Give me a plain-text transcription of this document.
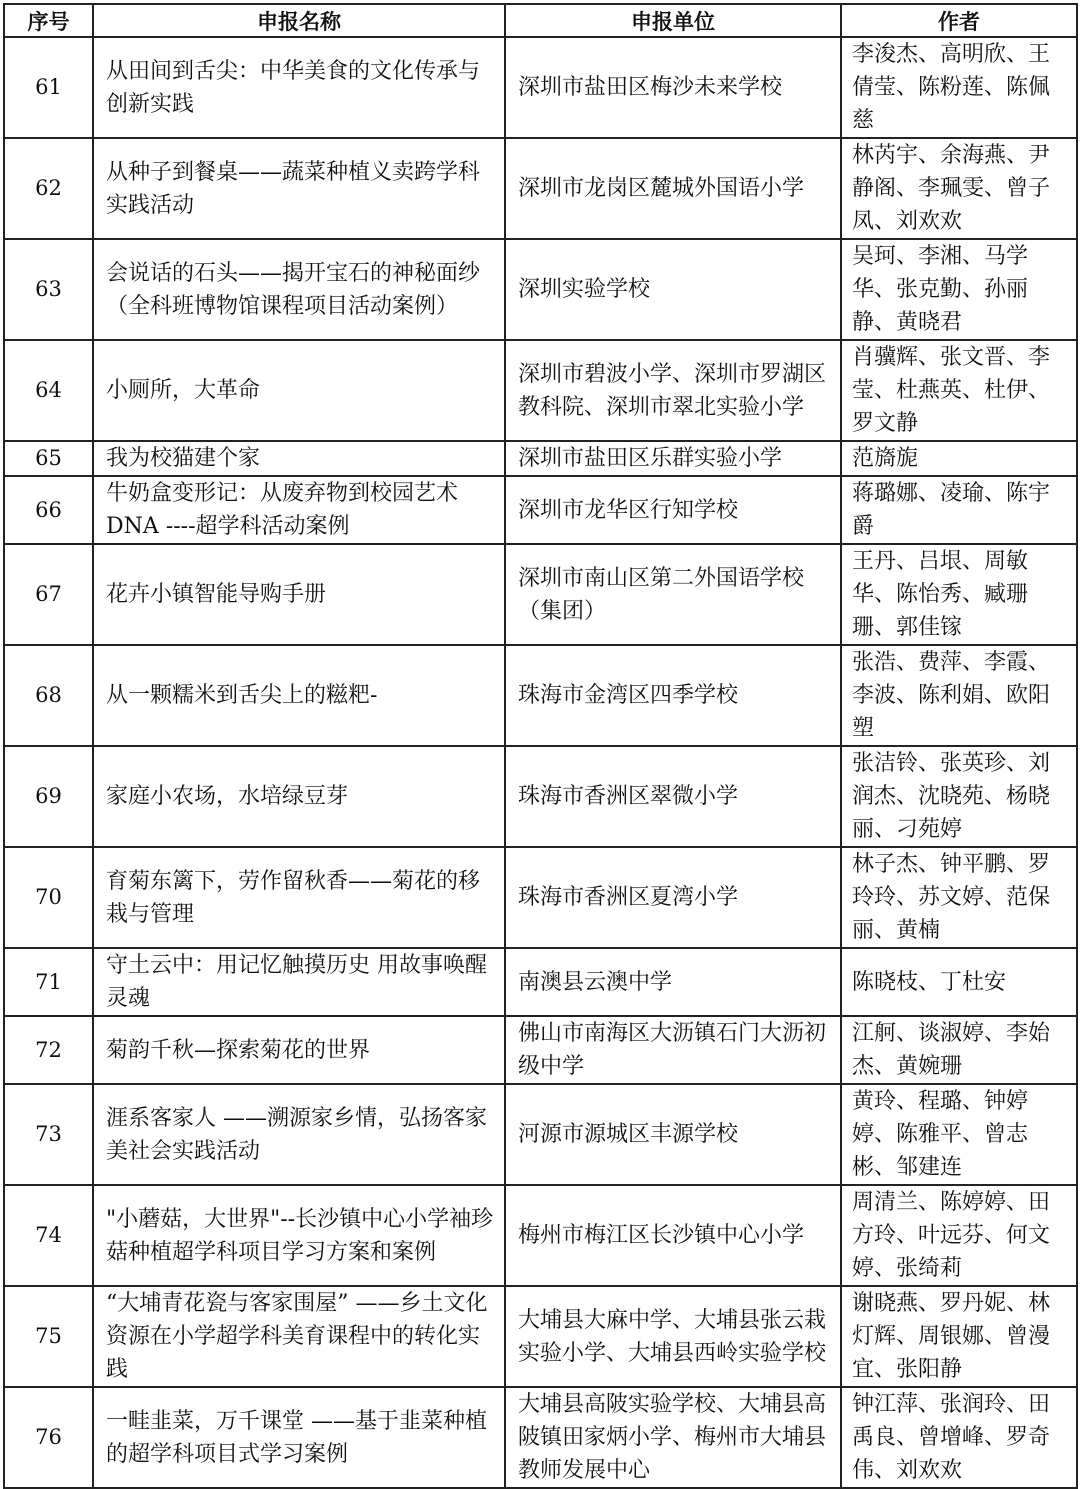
序号	申报名称	申报单位	作者
61	从田间到舌尖：中华美食的文化传承与创新实践	深圳市盐田区梅沙未来学校	李浚杰、高明欣、王倩莹、陈粉莲、陈佩慈
62	从种子到餐桌——蔬菜种植义卖跨学科实践活动	深圳市龙岗区麓城外国语小学	林芮宇、余海燕、尹静阁、李珮雯、曾子凤、刘欢欢
63	会说话的石头——揭开宝石的神秘面纱（全科班博物馆课程项目活动案例）	深圳实验学校	吴珂、李湘、马学华、张克勤、孙丽静、黄晓君
64	小厕所，大革命	深圳市碧波小学、深圳市罗湖区教科院、深圳市翠北实验小学	肖骥辉、张文晋、李莹、杜燕英、杜伊、罗文静
65	我为校猫建个家	深圳市盐田区乐群实验小学	范旖旎
66	牛奶盒变形记：从废弃物到校园艺术 DNA ----超学科活动案例	深圳市龙华区行知学校	蒋璐娜、凌瑜、陈宇爵
67	花卉小镇智能导购手册	深圳市南山区第二外国语学校（集团）	王丹、吕垠、周敏华、陈怡秀、臧珊珊、郭佳镓
68	从一颗糯米到舌尖上的糍粑-	珠海市金湾区四季学校	张浩、费萍、李霞、李波、陈利娟、欧阳塑
69	家庭小农场，水培绿豆芽	珠海市香洲区翠微小学	张洁铃、张英珍、刘润杰、沈晓苑、杨晓丽、刁苑婷
70	育菊东篱下，劳作留秋香——菊花的移栽与管理	珠海市香洲区夏湾小学	林子杰、钟平鹏、罗玲玲、苏文婷、范保丽、黄楠
71	守土云中：用记忆触摸历史 用故事唤醒灵魂	南澳县云澳中学	陈晓枝、丁杜安
72	菊韵千秋—探索菊花的世界	佛山市南海区大沥镇石门大沥初级中学	江舸、谈淑婷、李始杰、黄婉珊
73	涯系客家人 ——溯源家乡情，弘扬客家美社会实践活动	河源市源城区丰源学校	黄玲、程璐、钟婷婷、陈雅平、曾志彬、邹建连
74	"小蘑菇，大世界"--长沙镇中心小学袖珍菇种植超学科项目学习方案和案例	梅州市梅江区长沙镇中心小学	周清兰、陈婷婷、田方玲、叶远芬、何文婷、张绮莉
75	“大埔青花瓷与客家围屋” ——乡土文化资源在小学超学科美育课程中的转化实践	大埔县大麻中学、大埔县张云栽实验小学、大埔县西岭实验学校	谢晓燕、罗丹妮、林灯辉、周银娜、曾漫宜、张阳静
76	一畦韭菜，万千课堂 ——基于韭菜种植的超学科项目式学习案例	大埔县高陂实验学校、大埔县高陂镇田家炳小学、梅州市大埔县教师发展中心	钟江萍、张润玲、田禹良、曾增峰、罗奇伟、刘欢欢
